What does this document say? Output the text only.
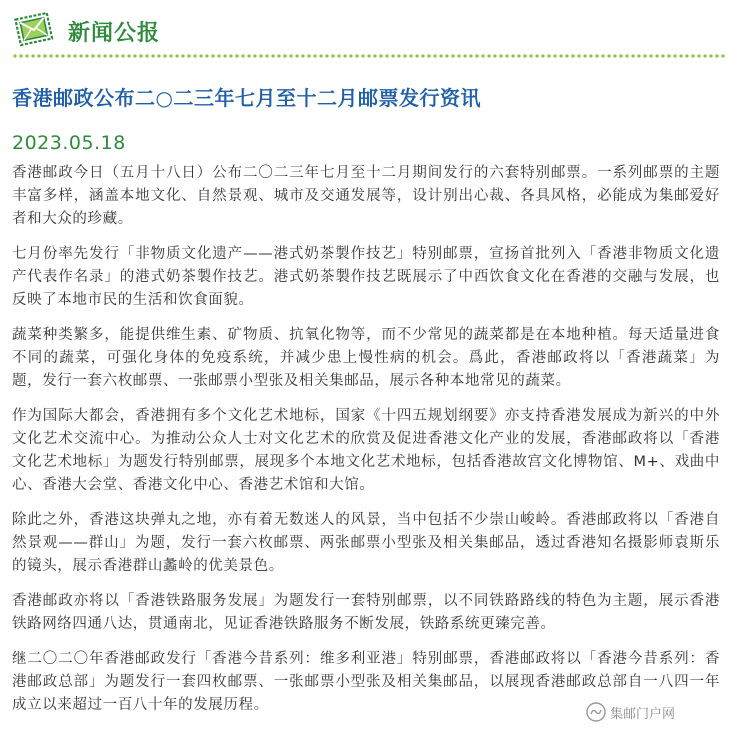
新闻公报
香港邮政公布二○二三年七月至十二月邮票发行资讯
2023.05.18

香港邮政今日（五月十八日）公布二〇二三年七月至十二月期间发行的六套特别邮票。一系列邮票的主题丰富多样，涵盖本地文化、自然景观、城市及交通发展等，设计别出心裁、各具风格，必能成为集邮爱好者和大众的珍藏。

七月份率先发行「非物质文化遗产——港式奶茶製作技艺」特别邮票，宣扬首批列入「香港非物质文化遗产代表作名录」的港式奶茶製作技艺。港式奶茶製作技艺既展示了中西饮食文化在香港的交融与发展，也反映了本地市民的生活和饮食面貌。

蔬菜种类繁多，能提供维生素、矿物质、抗氧化物等，而不少常见的蔬菜都是在本地种植。每天适量进食不同的蔬菜，可强化身体的免疫系统，并减少患上慢性病的机会。爲此，香港邮政将以「香港蔬菜」为题，发行一套六枚邮票、一张邮票小型张及相关集邮品，展示各种本地常见的蔬菜。

作为国际大都会，香港拥有多个文化艺术地标，国家《十四五规划纲要》亦支持香港发展成为新兴的中外文化艺术交流中心。为推动公众人士对文化艺术的欣赏及促进香港文化产业的发展，香港邮政将以「香港文化艺术地标」为题发行特别邮票，展现多个本地文化艺术地标，包括香港故宫文化博物馆、M+、戏曲中心、香港大会堂、香港文化中心、香港艺术馆和大馆。

除此之外，香港这块弹丸之地，亦有着无数迷人的风景，当中包括不少崇山峻岭。香港邮政将以「香港自然景观——群山」为题，发行一套六枚邮票、两张邮票小型张及相关集邮品，透过香港知名摄影师袁斯乐的镜头，展示香港群山蠡岭的优美景色。

香港邮政亦将以「香港铁路服务发展」为题发行一套特别邮票，以不同铁路路线的特色为主题，展示香港铁路网络四通八达，贯通南北，见证香港铁路服务不断发展，铁路系统更臻完善。

继二〇二〇年香港邮政发行「香港今昔系列：维多利亚港」特别邮票，香港邮政将以「香港今昔系列：香港邮政总部」为题发行一套四枚邮票、一张邮票小型张及相关集邮品，以展现香港邮政总部自一八四一年成立以来超过一百八十年的发展历程。

集邮门户网
